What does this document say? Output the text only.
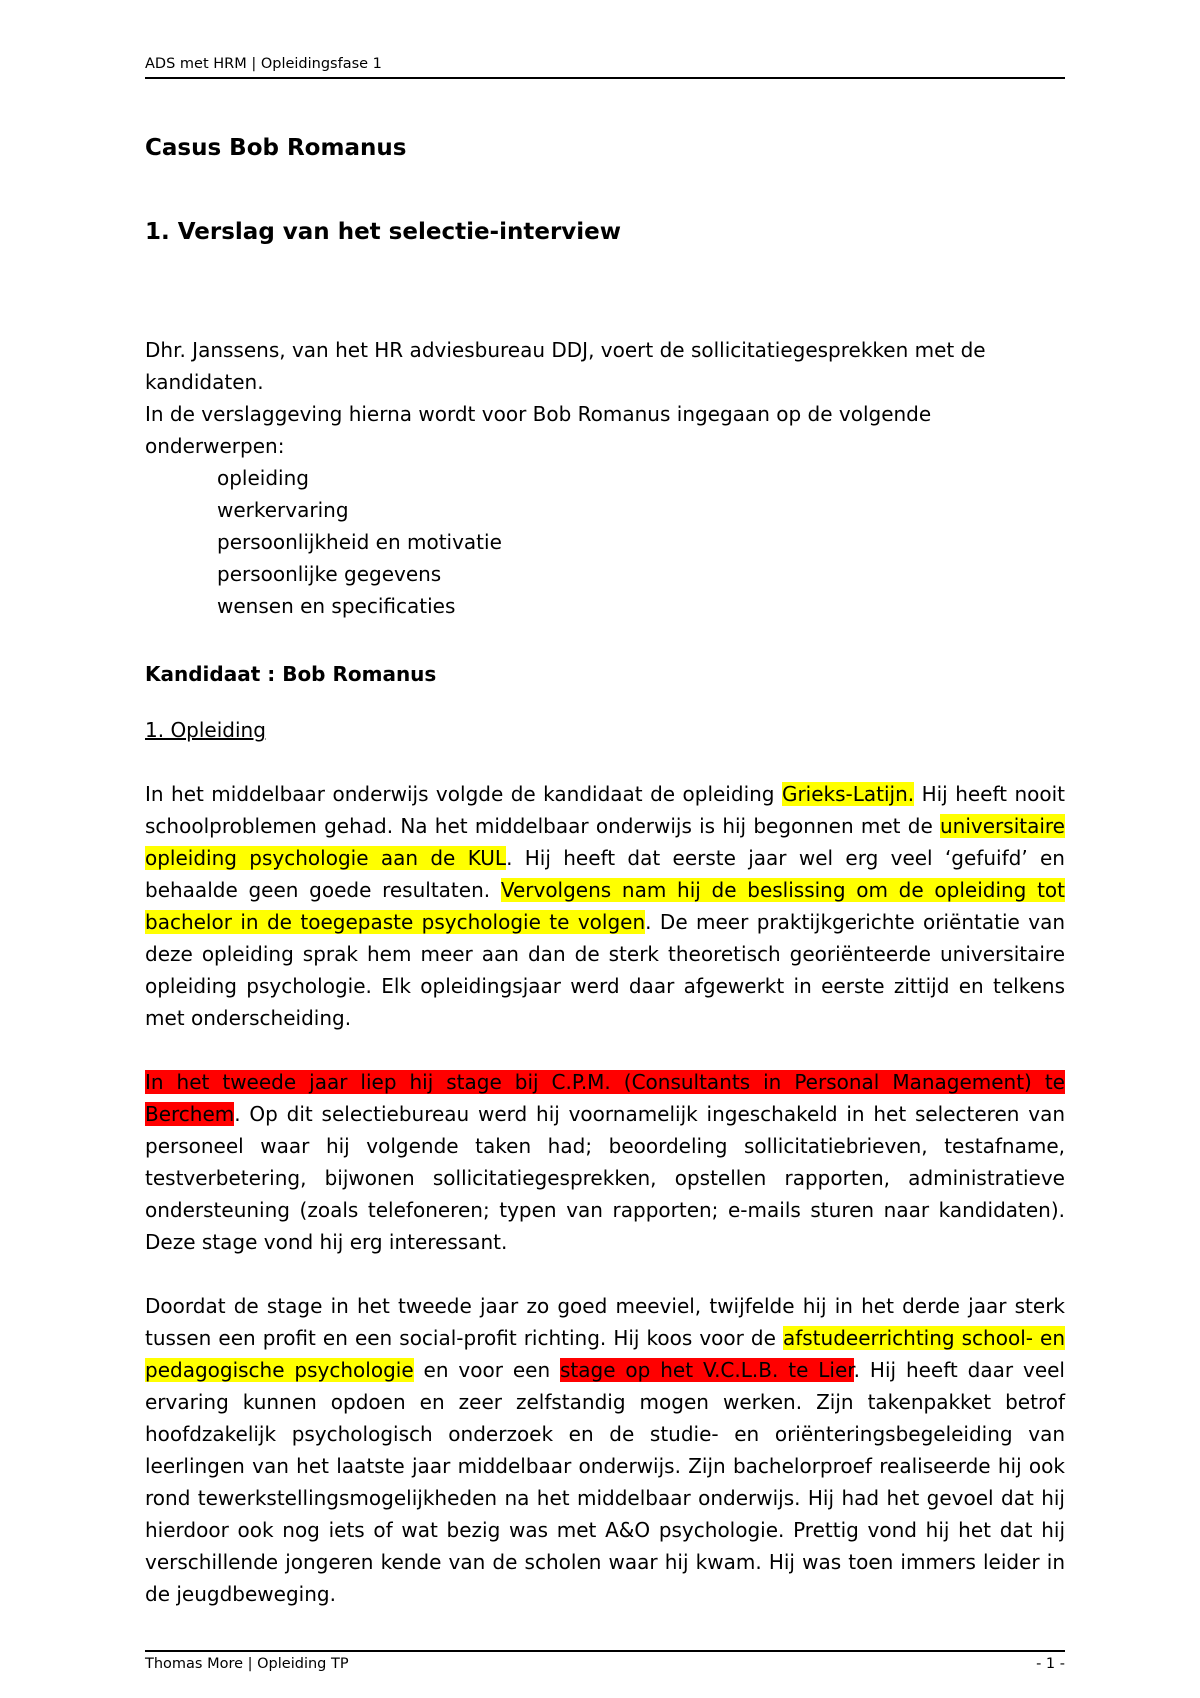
ADS met HRM | Opleidingsfase 1
Casus Bob Romanus
1. Verslag van het selectie-interview

Dhr. Janssens, van het HR adviesbureau DDJ, voert de sollicitatiegesprekken met de kandidaten.

In de verslaggeving hierna wordt voor Bob Romanus ingegaan op de volgende onderwerpen:

opleiding
werkervaring
persoonlijkheid en motivatie
persoonlijke gegevens
wensen en specificaties

Kandidaat : Bob Romanus

1. Opleiding

In het middelbaar onderwijs volgde de kandidaat de opleiding Grieks-Latijn. Hij heeft nooit schoolproblemen gehad. Na het middelbaar onderwijs is hij begonnen met de universitaire opleiding psychologie aan de KUL. Hij heeft dat eerste jaar wel erg veel ‘gefuifd’ en behaalde geen goede resultaten. Vervolgens nam hij de beslissing om de opleiding tot bachelor in de toegepaste psychologie te volgen. De meer praktijkgerichte oriëntatie van deze opleiding sprak hem meer aan dan de sterk theoretisch georiënteerde universitaire opleiding psychologie. Elk opleidingsjaar werd daar afgewerkt in eerste zittijd en telkens met onderscheiding.

In het tweede jaar liep hij stage bij C.P.M. (Consultants in Personal Management) te Berchem. Op dit selectiebureau werd hij voornamelijk ingeschakeld in het selecteren van personeel waar hij volgende taken had; beoordeling sollicitatiebrieven, testafname, testverbetering, bijwonen sollicitatiegesprekken, opstellen rapporten, administratieve ondersteuning (zoals telefoneren; typen van rapporten; e-mails sturen naar kandidaten). Deze stage vond hij erg interessant.

Doordat de stage in het tweede jaar zo goed meeviel, twijfelde hij in het derde jaar sterk tussen een profit en een social-profit richting. Hij koos voor de afstudeerrichting school- en pedagogische psychologie en voor een stage op het V.C.L.B. te Lier. Hij heeft daar veel ervaring kunnen opdoen en zeer zelfstandig mogen werken. Zijn takenpakket betrof hoofdzakelijk psychologisch onderzoek en de studie- en oriënteringsbegeleiding van leerlingen van het laatste jaar middelbaar onderwijs. Zijn bachelorproef realiseerde hij ook rond tewerkstellingsmogelijkheden na het middelbaar onderwijs. Hij had het gevoel dat hij hierdoor ook nog iets of wat bezig was met A&O psychologie. Prettig vond hij het dat hij verschillende jongeren kende van de scholen waar hij kwam. Hij was toen immers leider in de jeugdbeweging.

Thomas More | Opleiding TP	- 1 -
